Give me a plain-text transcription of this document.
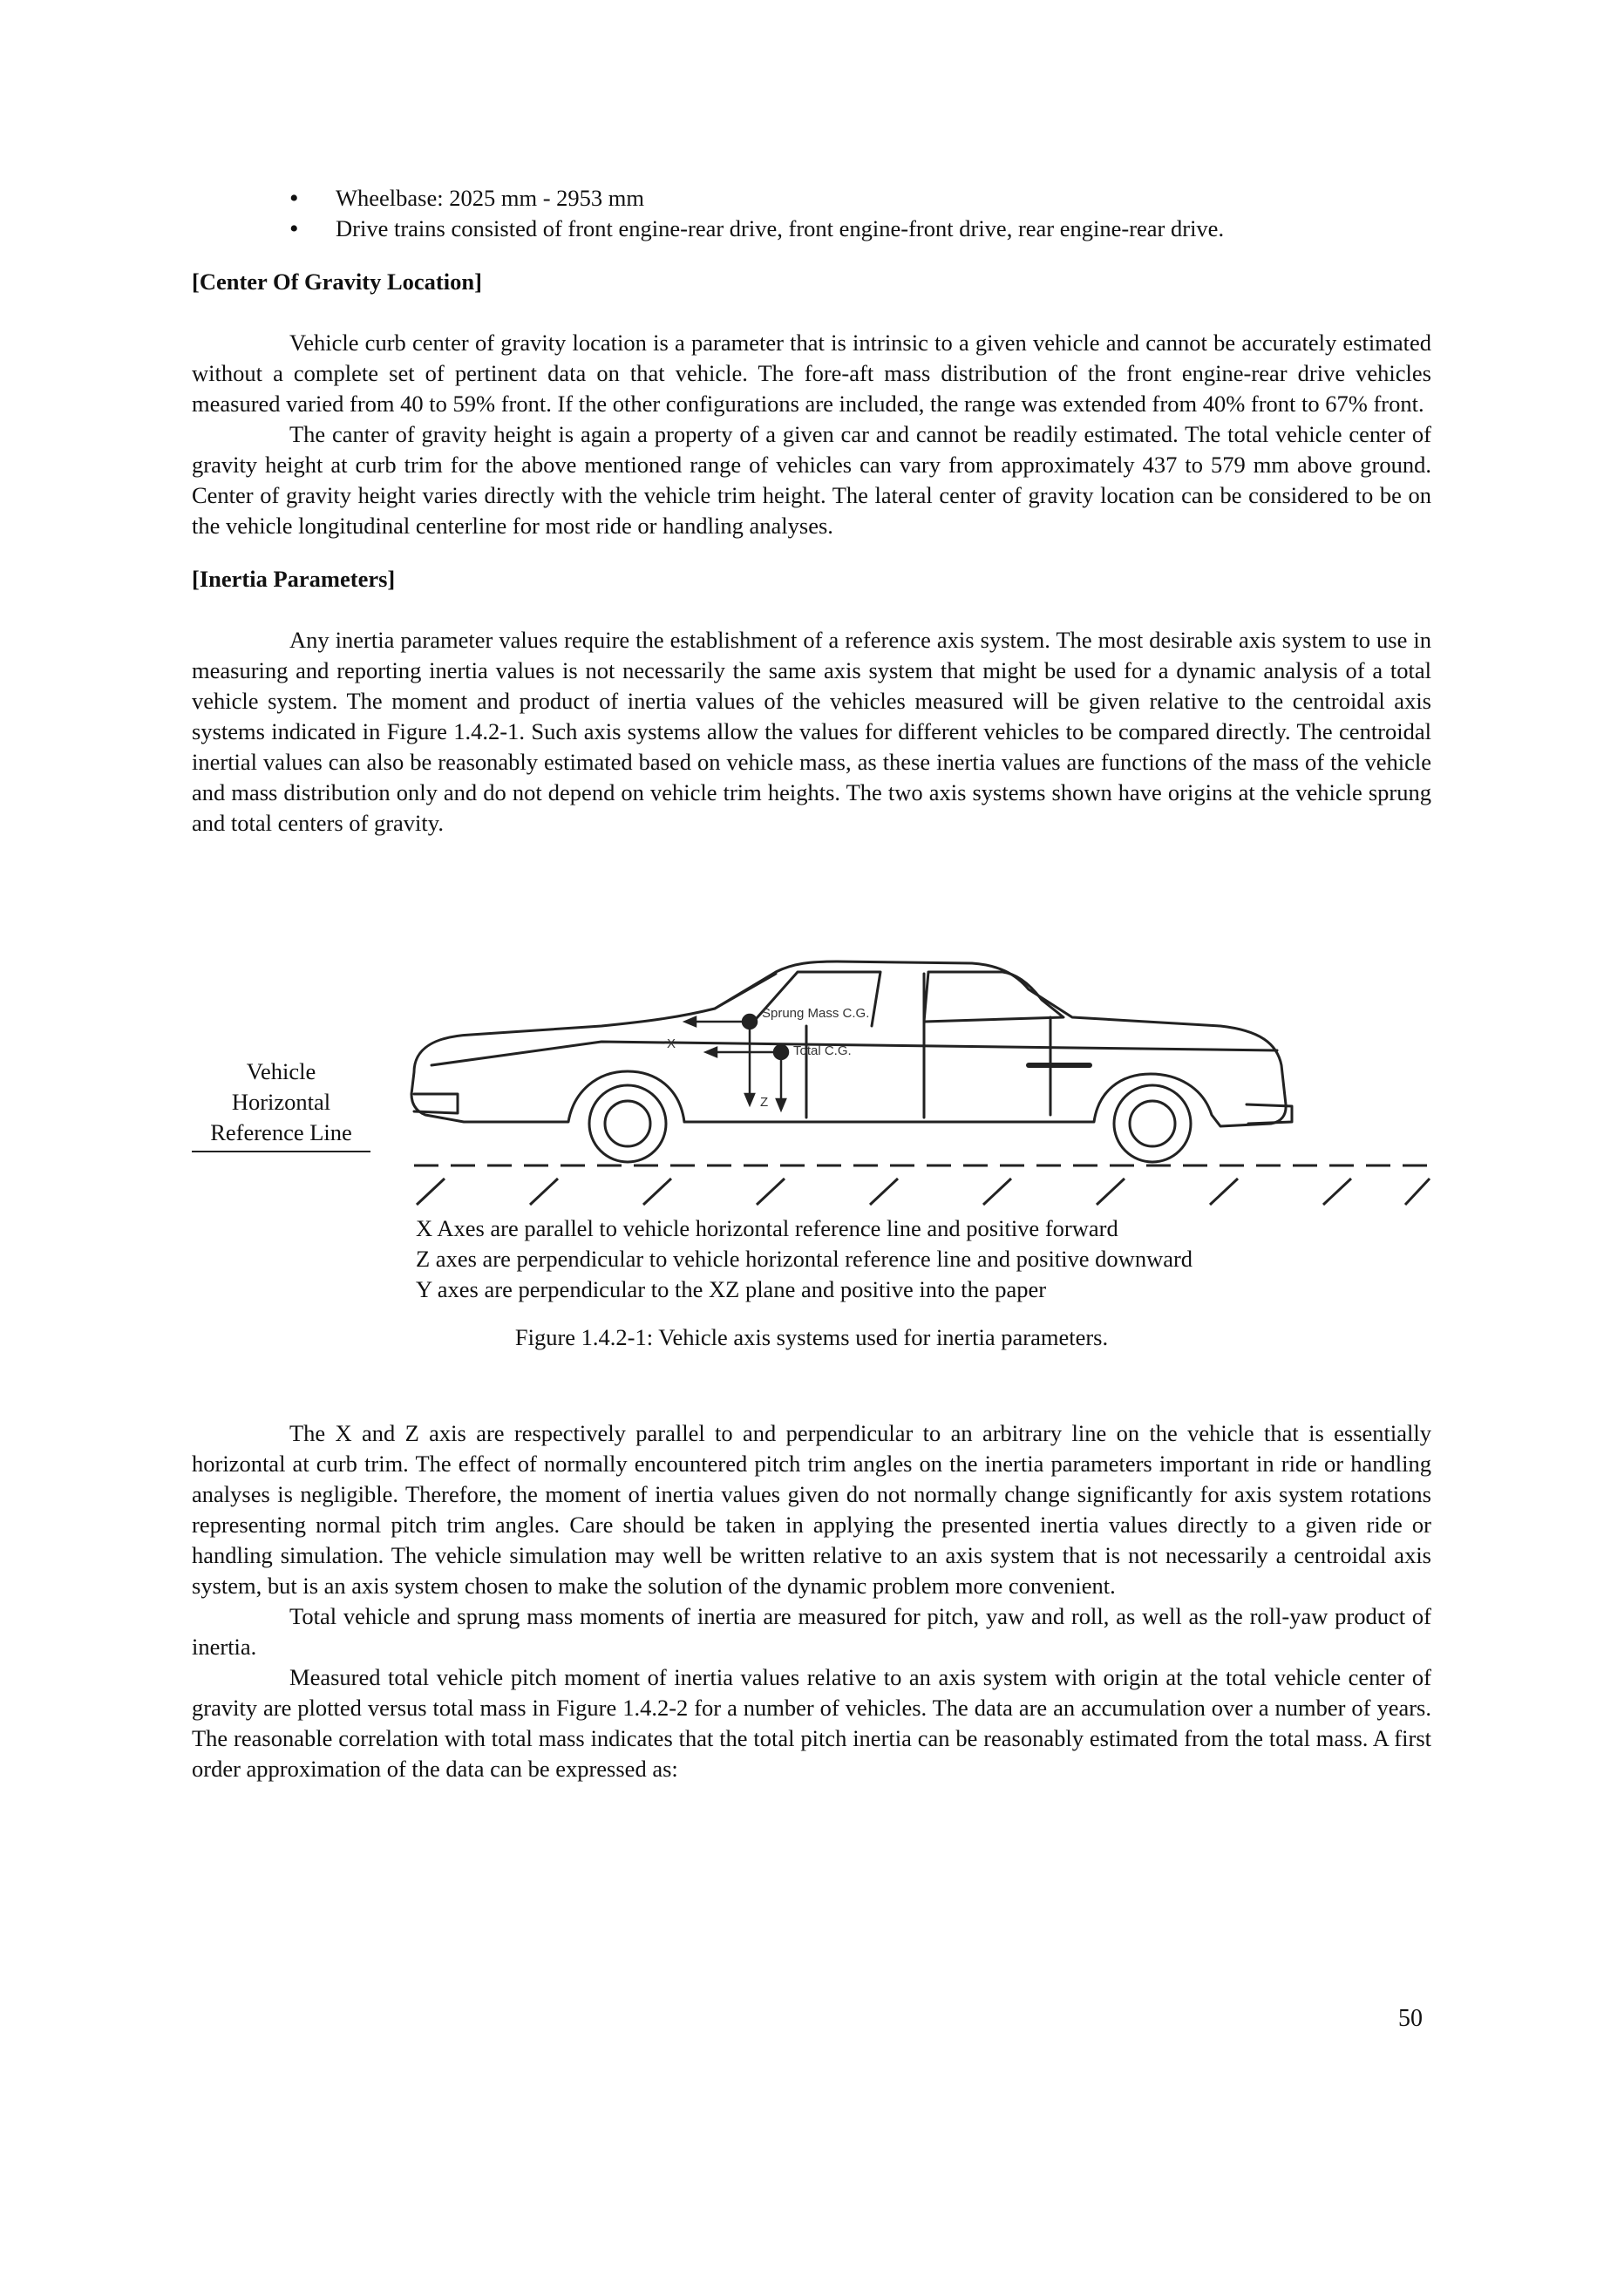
• Wheelbase: 2025 mm - 2953 mm
• Drive trains consisted of front engine-rear drive, front engine-front drive, rear engine-rear drive.
[Center Of Gravity Location]

Vehicle curb center of gravity location is a parameter that is intrinsic to a given vehicle and cannot be accurately estimated without a complete set of pertinent data on that vehicle. The fore-aft mass distribution of the front engine-rear drive vehicles measured varied from 40 to 59% front. If the other configurations are included, the range was extended from 40% front to 67% front.

The canter of gravity height is again a property of a given car and cannot be readily estimated. The total vehicle center of gravity height at curb trim for the above mentioned range of vehicles can vary from approximately 437 to 579 mm above ground. Center of gravity height varies directly with the vehicle trim height. The lateral center of gravity location can be considered to be on the vehicle longitudinal centerline for most ride or handling analyses.

[Inertia Parameters]

Any inertia parameter values require the establishment of a reference axis system. The most desirable axis system to use in measuring and reporting inertia values is not necessarily the same axis system that might be used for a dynamic analysis of a total vehicle system. The moment and product of inertia values of the vehicles measured will be given relative to the centroidal axis systems indicated in Figure 1.4.2-1. Such axis systems allow the values for different vehicles to be compared directly. The centroidal inertial values can also be reasonably estimated based on vehicle mass, as these inertia values are functions of the mass of the vehicle and mass distribution only and do not depend on vehicle trim heights. The two axis systems shown have origins at the vehicle sprung and total centers of gravity.

Sprung Mass C.G.
Total C.G.
X
Z
Vehicle
Horizontal
Reference Line
X Axes are parallel to vehicle horizontal reference line and positive forward
Z axes are perpendicular to vehicle horizontal reference line and positive downward
Y axes are perpendicular to the XZ plane and positive into the paper
Figure 1.4.2-1: Vehicle axis systems used for inertia parameters.

The X and Z axis are respectively parallel to and perpendicular to an arbitrary line on the vehicle that is essentially horizontal at curb trim. The effect of normally encountered pitch trim angles on the inertia parameters important in ride or handling analyses is negligible. Therefore, the moment of inertia values given do not normally change significantly for axis system rotations representing normal pitch trim angles. Care should be taken in applying the presented inertia values directly to a given ride or handling simulation. The vehicle simulation may well be written relative to an axis system that is not necessarily a centroidal axis system, but is an axis system chosen to make the solution of the dynamic problem more convenient.

Total vehicle and sprung mass moments of inertia are measured for pitch, yaw and roll, as well as the roll-yaw product of inertia.

Measured total vehicle pitch moment of inertia values relative to an axis system with origin at the total vehicle center of gravity are plotted versus total mass in Figure 1.4.2-2 for a number of vehicles. The data are an accumulation over a number of years. The reasonable correlation with total mass indicates that the total pitch inertia can be reasonably estimated from the total mass. A first order approximation of the data can be expressed as:

50
